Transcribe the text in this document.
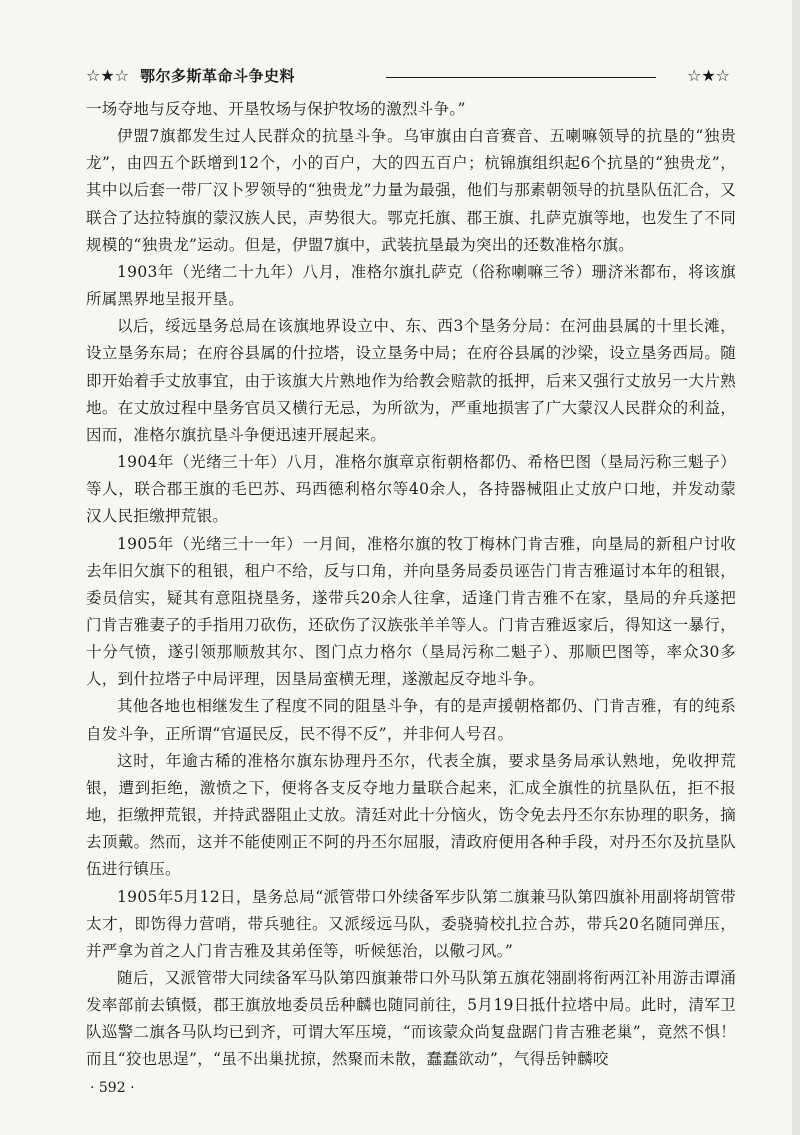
☆★☆ 鄂尔多斯革命斗争史料	☆★☆

一场夺地与反夺地、开垦牧场与保护牧场的激烈斗争。”

伊盟7旗都发生过人民群众的抗垦斗争。乌审旗由白音赛音、五喇嘛领导的抗垦的“独贵龙”，由四五个跃增到12个，小的百户，大的四五百户；杭锦旗组织起6个抗垦的“独贵龙”，其中以后套一带厂汉卜罗领导的“独贵龙”力量为最强，他们与那素朝领导的抗垦队伍汇合，又联合了达拉特旗的蒙汉族人民，声势很大。鄂克托旗、郡王旗、扎萨克旗等地，也发生了不同规模的“独贵龙”运动。但是，伊盟7旗中，武装抗垦最为突出的还数准格尔旗。

1903年（光绪二十九年）八月，准格尔旗扎萨克（俗称喇嘛三爷）珊济米都布，将该旗所属黑界地呈报开垦。

以后，绥远垦务总局在该旗地界设立中、东、西3个垦务分局：在河曲县属的十里长滩，设立垦务东局；在府谷县属的什拉塔，设立垦务中局；在府谷县属的沙梁，设立垦务西局。随即开始着手丈放事宜，由于该旗大片熟地作为给教会赔款的抵押，后来又强行丈放另一大片熟地。在丈放过程中垦务官员又横行无忌，为所欲为，严重地损害了广大蒙汉人民群众的利益，因而，准格尔旗抗垦斗争便迅速开展起来。

1904年（光绪三十年）八月，准格尔旗章京衔朝格都仍、希格巴图（垦局污称三魁子）等人，联合郡王旗的毛巴苏、玛西德利格尔等40余人，各持器械阻止丈放户口地，并发动蒙汉人民拒缴押荒银。

1905年（光绪三十一年）一月间，准格尔旗的牧丁梅林门肯吉雅，向垦局的新租户讨收去年旧欠旗下的租银，租户不给，反与口角，并向垦务局委员诬告门肯吉雅逼讨本年的租银，委员信实，疑其有意阻挠垦务，遂带兵20余人往拿，适逢门肯吉雅不在家，垦局的弁兵遂把门肯吉雅妻子的手指用刀砍伤，还砍伤了汉族张羊羊等人。门肯吉雅返家后，得知这一暴行，十分气愤，遂引领那顺敖其尔、图门点力格尔（垦局污称二魁子）、那顺巴图等，率众30多人，到什拉塔子中局评理，因垦局蛮横无理，遂激起反夺地斗争。

其他各地也相继发生了程度不同的阻垦斗争，有的是声援朝格都仍、门肯吉雅，有的纯系自发斗争，正所谓“官逼民反，民不得不反”，并非何人号召。

这时，年逾古稀的准格尔旗东协理丹丕尔，代表全旗，要求垦务局承认熟地，免收押荒银，遭到拒绝，激愤之下，便将各支反夺地力量联合起来，汇成全旗性的抗垦队伍，拒不报地，拒缴押荒银，并持武器阻止丈放。清廷对此十分恼火，饬令免去丹丕尔东协理的职务，摘去顶戴。然而，这并不能使刚正不阿的丹丕尔屈服，清政府便用各种手段，对丹丕尔及抗垦队伍进行镇压。

1905年5月12日，垦务总局“派管带口外续备军步队第二旗兼马队第四旗补用副将胡管带太才，即饬得力营哨，带兵驰往。又派绥远马队，委骁骑校扎拉合苏，带兵20名随同弹压，并严拿为首之人门肯吉雅及其弟侄等，听候惩治，以儆刁风。”

随后，又派管带大同续备军马队第四旗兼带口外马队第五旗花翎副将衔两江补用游击谭涌发率部前去镇慑，郡王旗放地委员岳种麟也随同前往，5月19日抵什拉塔中局。此时，清军卫队巡警二旗各马队均已到齐，可谓大军压境，“而该蒙众尚复盘踞门肯吉雅老巢”，竟然不惧！而且“狡也思逞”，“虽不出巢扰掠，然聚而未散，蠢蠢欲动”，气得岳钟麟咬

· 592 ·
